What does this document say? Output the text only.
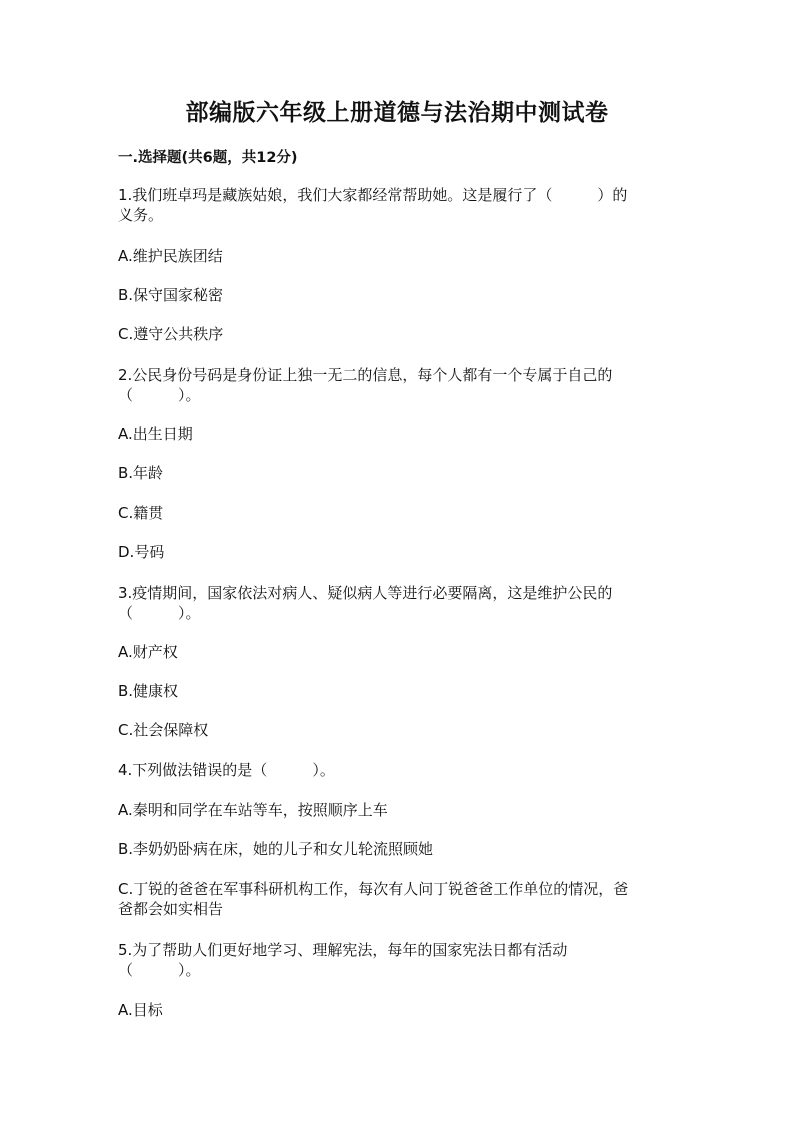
部编版六年级上册道德与法治期中测试卷
一.选择题(共6题，共12分)
1.我们班卓玛是藏族姑娘，我们大家都经常帮助她。这是履行了（　　　）的
义务。
A.维护民族团结
B.保守国家秘密
C.遵守公共秩序
2.公民身份号码是身份证上独一无二的信息，每个人都有一个专属于自己的
（　　　）。
A.出生日期
B.年龄
C.籍贯
D.号码
3.疫情期间，国家依法对病人、疑似病人等进行必要隔离，这是维护公民的
（　　　）。
A.财产权
B.健康权
C.社会保障权
4.下列做法错误的是（　　　）。
A.秦明和同学在车站等车，按照顺序上车
B.李奶奶卧病在床，她的儿子和女儿轮流照顾她
C.丁锐的爸爸在军事科研机构工作，每次有人问丁锐爸爸工作单位的情况，爸
爸都会如实相告
5.为了帮助人们更好地学习、理解宪法，每年的国家宪法日都有活动
（　　　）。
A.目标
